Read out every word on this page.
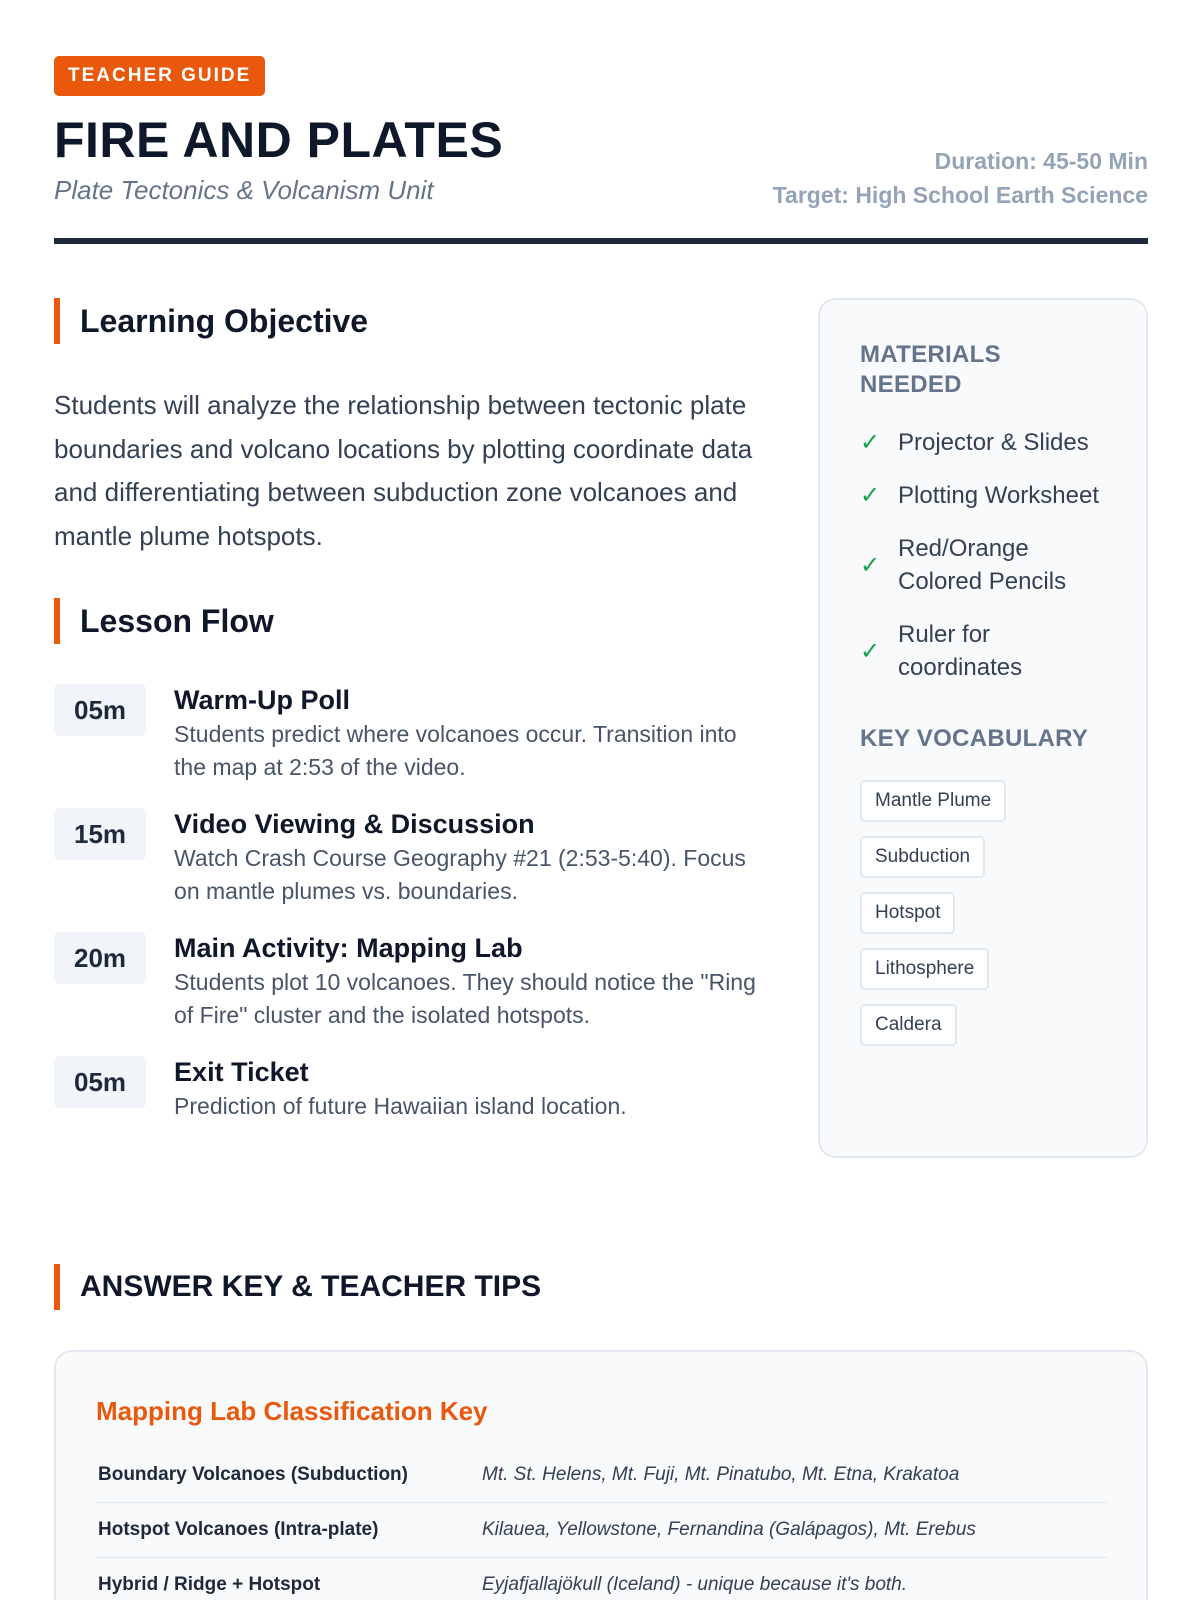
TEACHER GUIDE
FIRE AND PLATES
Plate Tectonics & Volcanism Unit
Duration: 45-50 Min
Target: High School Earth Science
Learning Objective

Students will analyze the relationship between tectonic plate boundaries and volcano locations by plotting coordinate data and differentiating between subduction zone volcanoes and mantle plume hotspots.

Lesson Flow
05m	Warm-Up Poll
Students predict where volcanoes occur. Transition into the map at 2:53 of the video.
15m	Video Viewing & Discussion
Watch Crash Course Geography #21 (2:53-5:40). Focus on mantle plumes vs. boundaries.
20m	Main Activity: Mapping Lab
Students plot 10 volcanoes. They should notice the "Ring of Fire" cluster and the isolated hotspots.
05m	Exit Ticket
Prediction of future Hawaiian island location.
MATERIALS NEEDED
✓ Projector & Slides
✓ Plotting Worksheet
✓
Red/Orange Colored Pencils
✓
Ruler for coordinates
KEY VOCABULARY
Mantle Plume
Subduction
Hotspot
Lithosphere
Caldera
ANSWER KEY & TEACHER TIPS
Mapping Lab Classification Key
Boundary Volcanoes (Subduction)	Mt. St. Helens, Mt. Fuji, Mt. Pinatubo, Mt. Etna, Krakatoa
Hotspot Volcanoes (Intra-plate)	Kilauea, Yellowstone, Fernandina (Galápagos), Mt. Erebus
Hybrid / Ridge + Hotspot	Eyjafjallajökull (Iceland) - unique because it's both.
